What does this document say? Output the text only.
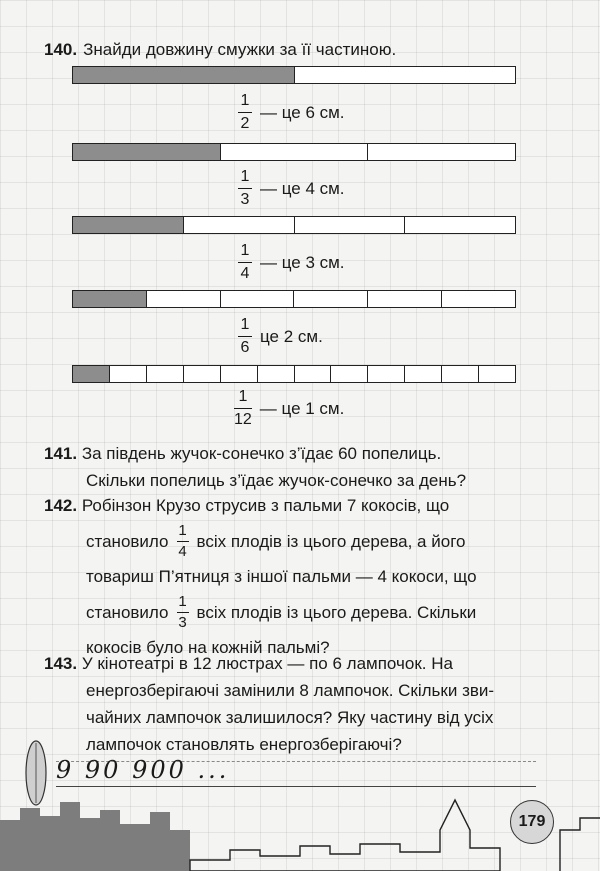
140. Знайди довжину смужки за її частиною.
$\frac{1}{2}$ — це 6 см.
$\frac{1}{3}$ — це 4 см.
$\frac{1}{4}$ — це 3 см.
$\frac{1}{6}$ це 2 см.
$\frac{1}{12}$ — це 1 см.
141. За південь жучок-сонечко з’їдає 60 попелиць.
Скільки попелиць з’їдає жучок-сонечко за день?
142. Робінзон Крузо струсив з пальми 7 кокосів, що
становило $\frac{1}{4}$ всіх плодів із цього дерева, а його
товариш П’ятниця з іншої пальми — 4 кокоси, що
становило $\frac{1}{3}$ всіх плодів із цього дерева. Скільки
кокосів було на кожній пальмі?
143. У кінотеатрі в 12 люстрах — по 6 лампочок. На
енергозберігаючі замінили 8 лампочок. Скільки зви-
чайних лампочок залишилося? Яку частину від усіх
лампочок становлять енергозберігаючі?
9 90 900 ...
179
